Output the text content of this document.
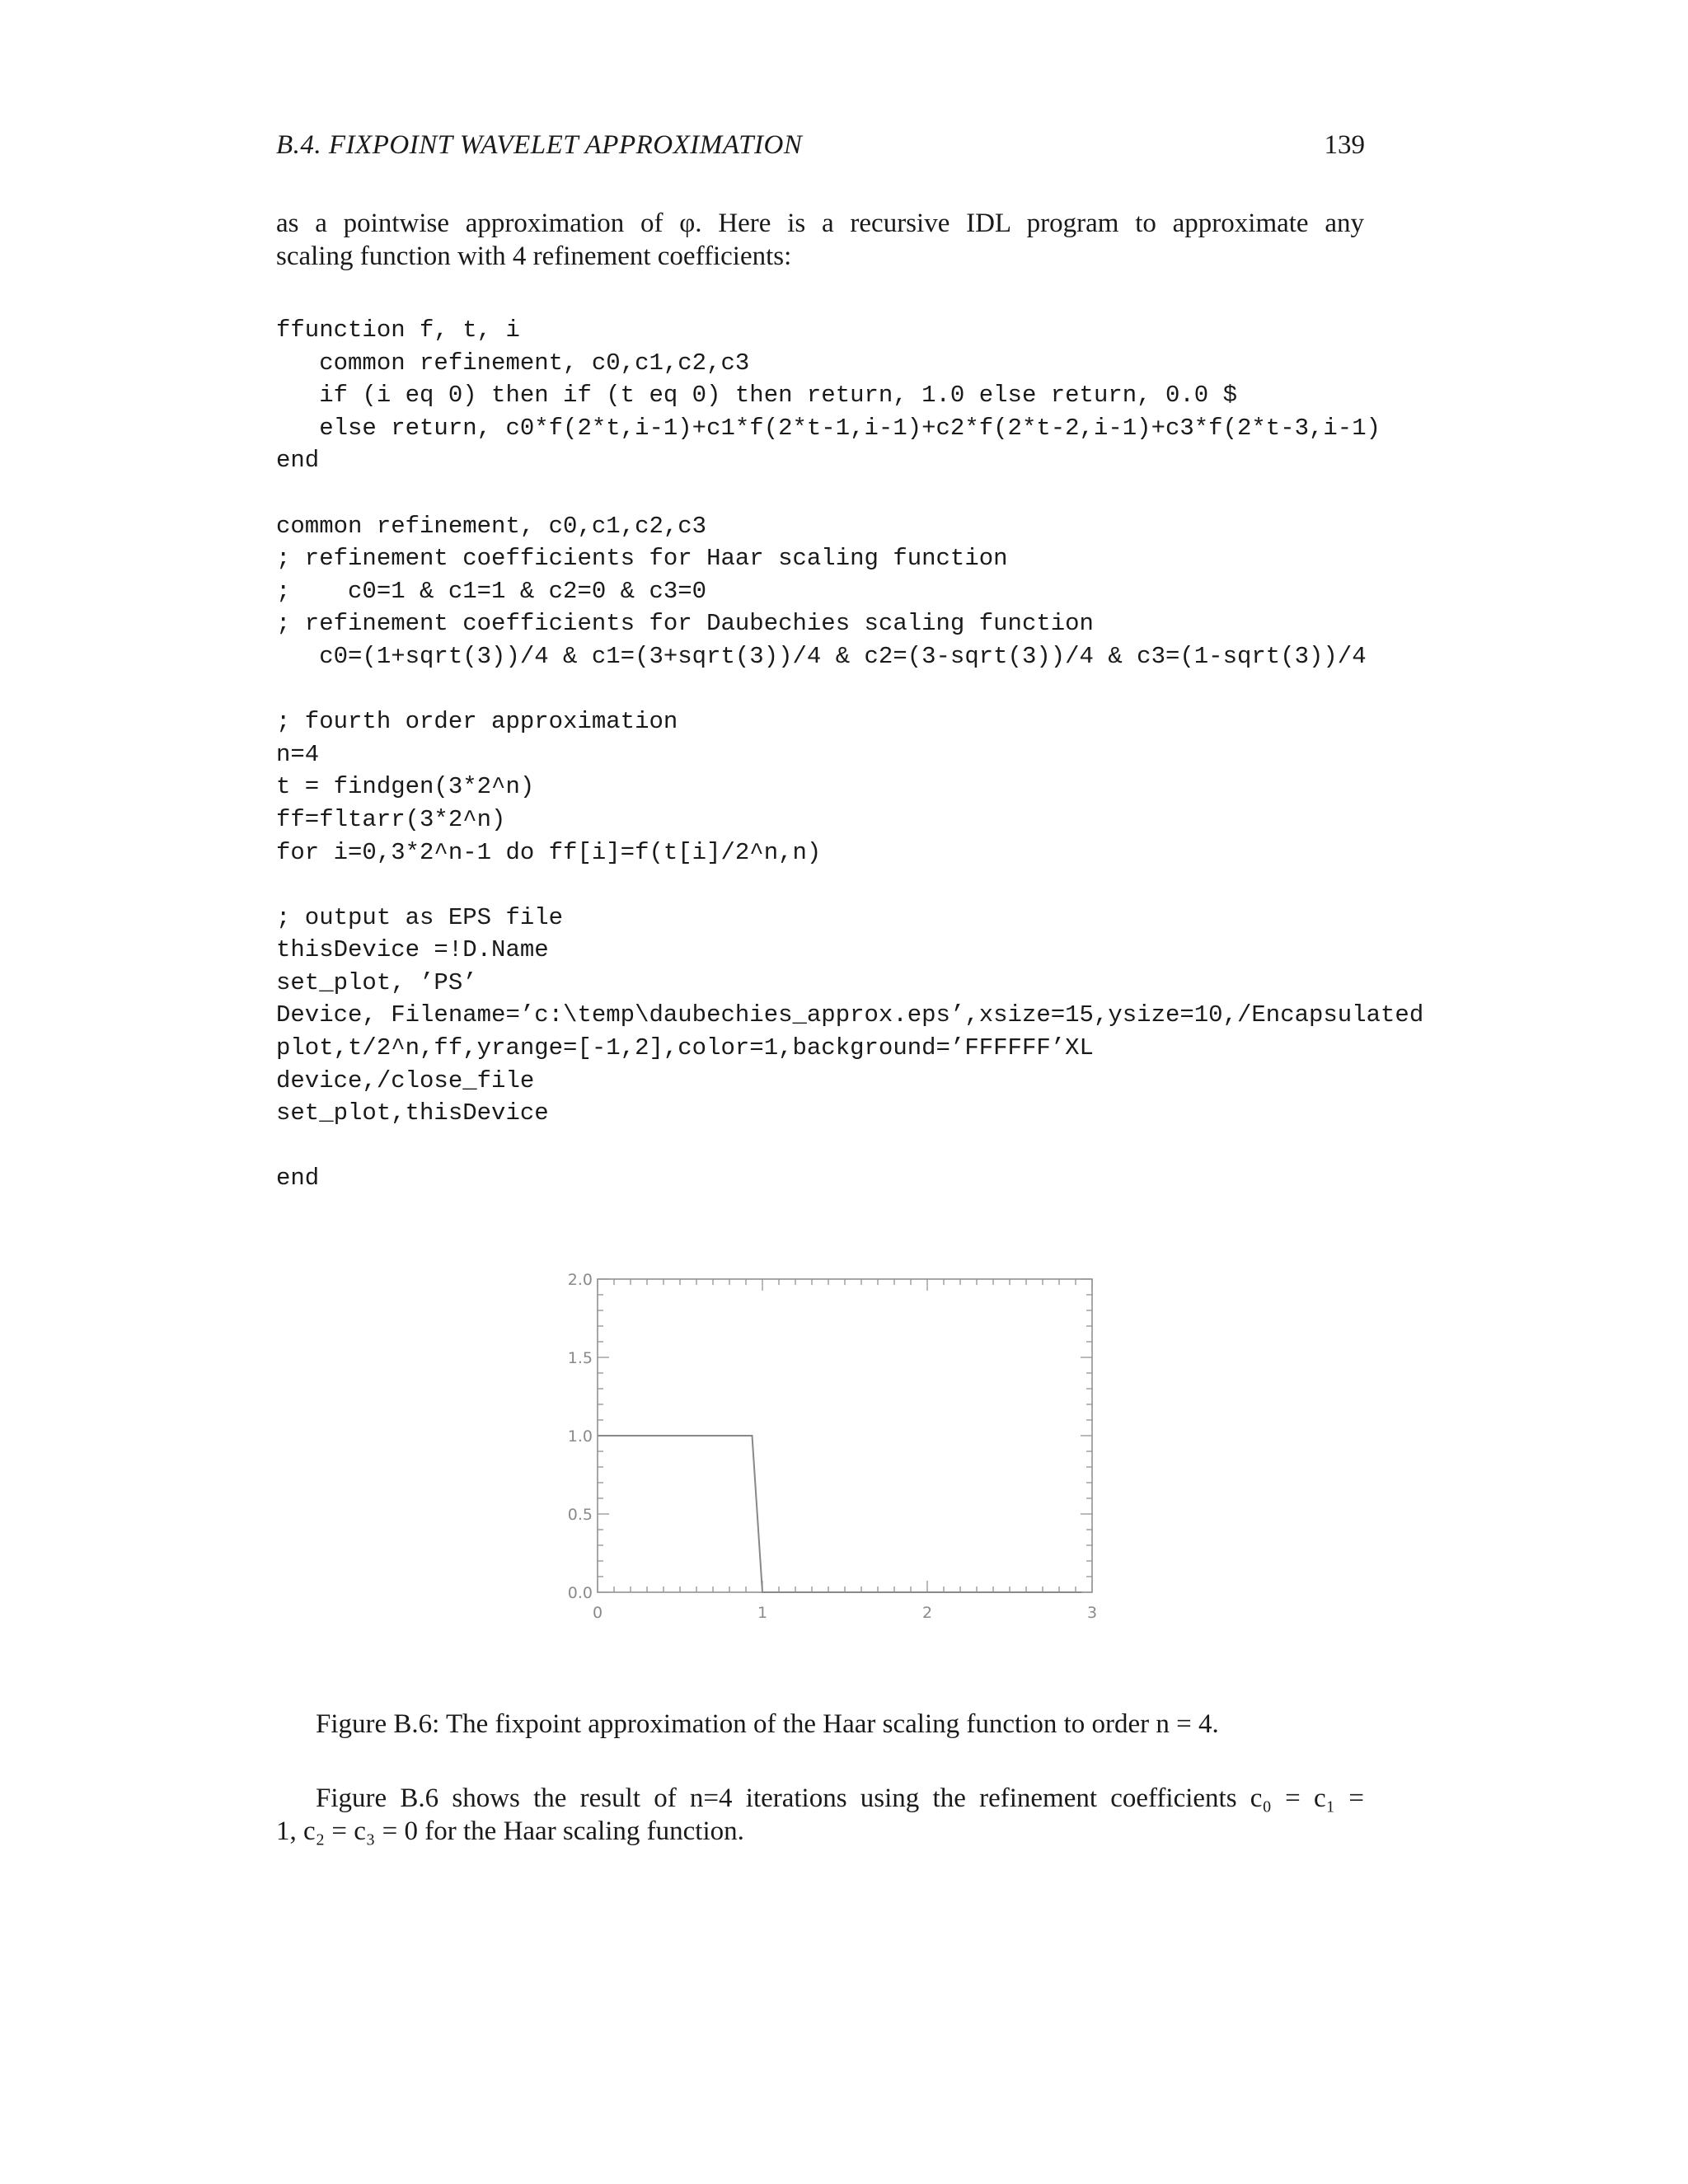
B.4. FIXPOINT WAVELET APPROXIMATION	139
as a pointwise approximation of φ. Here is a recursive IDL program to approximate any
scaling function with 4 refinement coefficients:
ffunction f, t, i
common refinement, c0,c1,c2,c3
if (i eq 0) then if (t eq 0) then return, 1.0 else return, 0.0 $
else return, c0*f(2*t,i-1)+c1*f(2*t-1,i-1)+c2*f(2*t-2,i-1)+c3*f(2*t-3,i-1)
end

common refinement, c0,c1,c2,c3
; refinement coefficients for Haar scaling function
;    c0=1 & c1=1 & c2=0 & c3=0
; refinement coefficients for Daubechies scaling function
c0=(1+sqrt(3))/4 & c1=(3+sqrt(3))/4 & c2=(3-sqrt(3))/4 & c3=(1-sqrt(3))/4

; fourth order approximation
n=4
t = findgen(3*2^n)
ff=fltarr(3*2^n)
for i=0,3*2^n-1 do ff[i]=f(t[i]/2^n,n)

; output as EPS file
thisDevice =!D.Name
set_plot, ’PS’
Device, Filename=’c:\temp\daubechies_approx.eps’,xsize=15,ysize=10,/Encapsulated
plot,t/2^n,ff,yrange=[-1,2],color=1,background=’FFFFFF’XL
device,/close_file
set_plot,thisDevice

end
0.0
0.5
1.0
1.5
2.0
0	1	2	3
Figure B.6: The fixpoint approximation of the Haar scaling function to order n = 4.
Figure B.6 shows the result of n=4 iterations using the refinement coefficients c₀ = c₁ =
1, c₂ = c₃ = 0 for the Haar scaling function.
